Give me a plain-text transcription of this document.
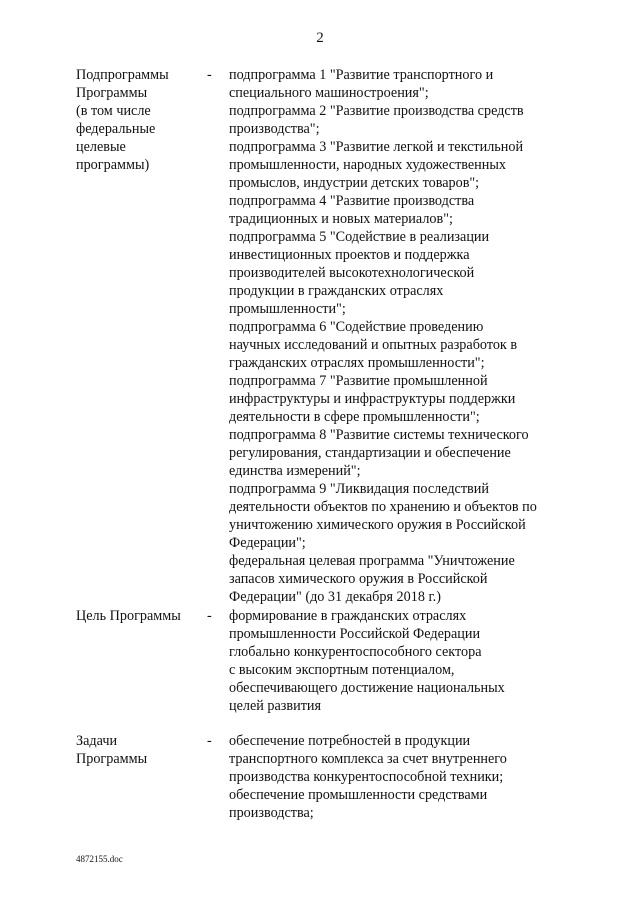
2
Подпрограммы
Программы
(в том числе
федеральные
целевые
программы)
- подпрограмма 1 "Развитие транспортного и
специального машиностроения";
подпрограмма 2 "Развитие производства средств
производства";
подпрограмма 3 "Развитие легкой и текстильной
промышленности, народных художественных
промыслов, индустрии детских товаров";
подпрограмма 4 "Развитие производства
традиционных и новых материалов";
подпрограмма 5 "Содействие в реализации
инвестиционных проектов и поддержка
производителей высокотехнологической
продукции в гражданских отраслях
промышленности";
подпрограмма 6 "Содействие проведению
научных исследований и опытных разработок в
гражданских отраслях промышленности";
подпрограмма 7 "Развитие промышленной
инфраструктуры и инфраструктуры поддержки
деятельности в сфере промышленности";
подпрограмма 8 "Развитие системы технического
регулирования, стандартизации и обеспечение
единства измерений";
подпрограмма 9 "Ликвидация последствий
деятельности объектов по хранению и объектов по
уничтожению химического оружия в Российской
Федерации";
федеральная целевая программа "Уничтожение
запасов химического оружия в Российской
Федерации" (до 31 декабря 2018 г.)
Цель Программы	- формирование в гражданских отраслях
промышленности Российской Федерации
глобально конкурентоспособного сектора
с высоким экспортным потенциалом,
обеспечивающего достижение национальных
целей развития
Задачи
Программы
- обеспечение потребностей в продукции
транспортного комплекса за счет внутреннего
производства конкурентоспособной техники;
обеспечение промышленности средствами
производства;
4872155.doc
